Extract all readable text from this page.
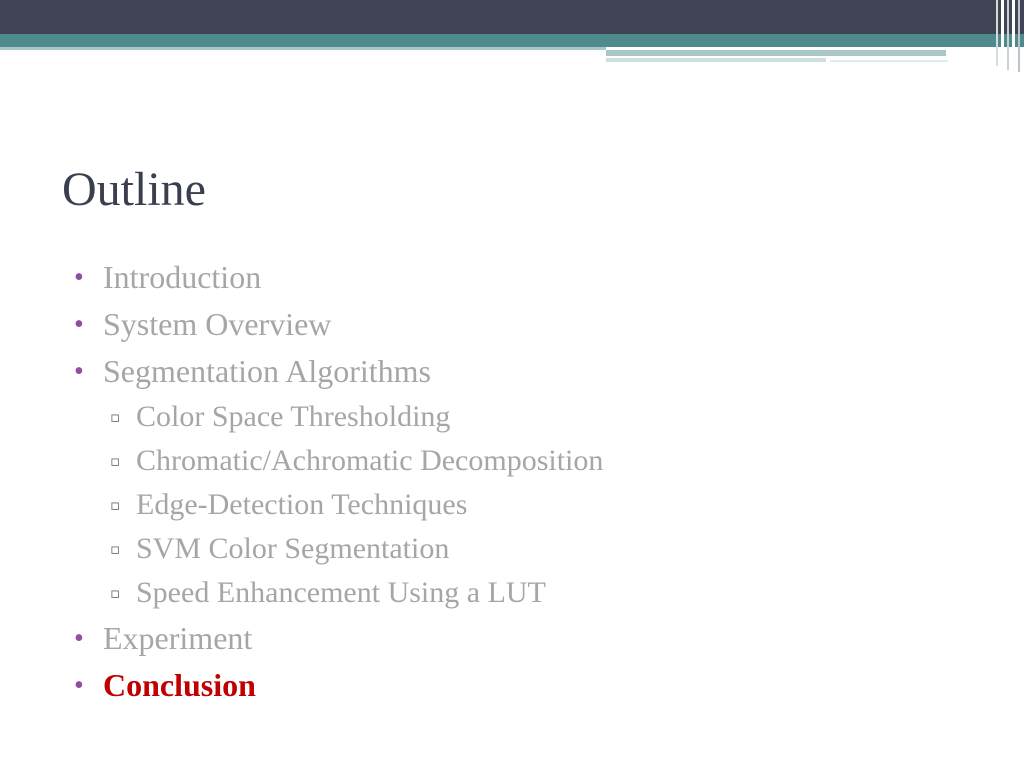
Outline
• Introduction
• System Overview
• Segmentation Algorithms
▫ Color Space Thresholding
▫ Chromatic/Achromatic Decomposition
▫ Edge-Detection Techniques
▫ SVM Color Segmentation
▫ Speed Enhancement Using a LUT
• Experiment
• Conclusion
